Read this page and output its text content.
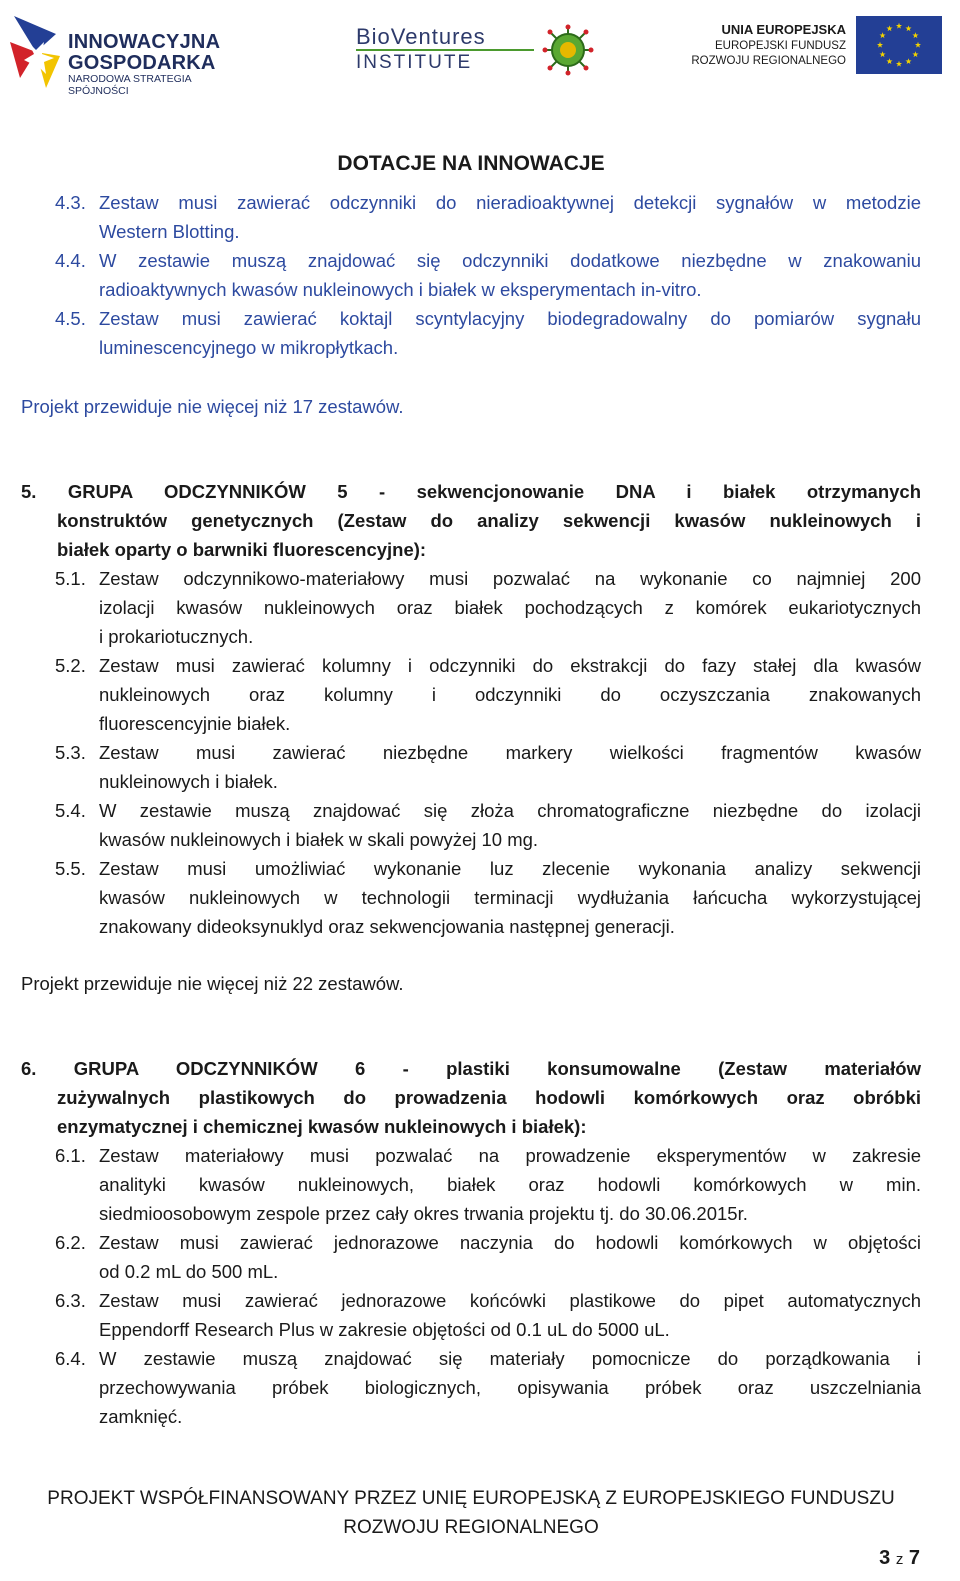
INNOWACYJNA
GOSPODARKA
NARODOWA STRATEGIA SPÓJNOŚCI
BioVentures
INSTITUTE
UNIA EUROPEJSKA
EUROPEJSKI FUNDUSZ
ROZWOJU REGIONALNEGO
DOTACJE NA INNOWACJE
4.3. Zestaw musi zawierać odczynniki do nieradioaktywnej detekcji sygnałów w metodzie
Western Blotting.
4.4. W zestawie muszą znajdować się odczynniki dodatkowe niezbędne w znakowaniu
radioaktywnych kwasów nukleinowych i białek w eksperymentach in-vitro.
4.5. Zestaw musi zawierać koktajl scyntylacyjny biodegradowalny do pomiarów sygnału
luminescencyjnego w mikropłytkach.
Projekt przewiduje nie więcej niż 17 zestawów.
5. GRUPA ODCZYNNIKÓW 5 - sekwencjonowanie DNA i białek otrzymanych
konstruktów genetycznych (Zestaw do analizy sekwencji kwasów nukleinowych i
białek oparty o barwniki fluorescencyjne):
5.1. Zestaw odczynnikowo-materiałowy musi pozwalać na wykonanie co najmniej 200
izolacji kwasów nukleinowych oraz białek pochodzących z komórek eukariotycznych
i prokariotucznych.
5.2. Zestaw musi zawierać kolumny i odczynniki do ekstrakcji do fazy stałej dla kwasów
nukleinowych oraz kolumny i odczynniki do oczyszczania znakowanych
fluorescencyjnie białek.
5.3. Zestaw musi zawierać niezbędne markery wielkości fragmentów kwasów
nukleinowych i białek.
5.4. W zestawie muszą znajdować się złoża chromatograficzne niezbędne do izolacji
kwasów nukleinowych i białek w skali powyżej 10 mg.
5.5. Zestaw musi umożliwiać wykonanie luz zlecenie wykonania analizy sekwencji
kwasów nukleinowych w technologii terminacji wydłużania łańcucha wykorzystującej
znakowany dideoksynuklyd oraz sekwencjowania następnej generacji.
Projekt przewiduje nie więcej niż 22 zestawów.
6. GRUPA ODCZYNNIKÓW 6 - plastiki konsumowalne (Zestaw materiałów
zużywalnych plastikowych do prowadzenia hodowli komórkowych oraz obróbki
enzymatycznej i chemicznej kwasów nukleinowych i białek):
6.1. Zestaw materiałowy musi pozwalać na prowadzenie eksperymentów w zakresie
analityki kwasów nukleinowych, białek oraz hodowli komórkowych w min.
siedmioosobowym zespole przez cały okres trwania projektu tj. do 30.06.2015r.
6.2. Zestaw musi zawierać jednorazowe naczynia do hodowli komórkowych w objętości
od 0.2 mL do 500 mL.
6.3. Zestaw musi zawierać jednorazowe końcówki plastikowe do pipet automatycznych
Eppendorff Research Plus w zakresie objętości od 0.1 uL do 5000 uL.
6.4. W zestawie muszą znajdować się materiały pomocnicze do porządkowania i
przechowywania próbek biologicznych, opisywania próbek oraz uszczelniania
zamknięć.
PROJEKT WSPÓŁFINANSOWANY PRZEZ UNIĘ EUROPEJSKĄ Z EUROPEJSKIEGO FUNDUSZU
ROZWOJU REGIONALNEGO
3 z 7
